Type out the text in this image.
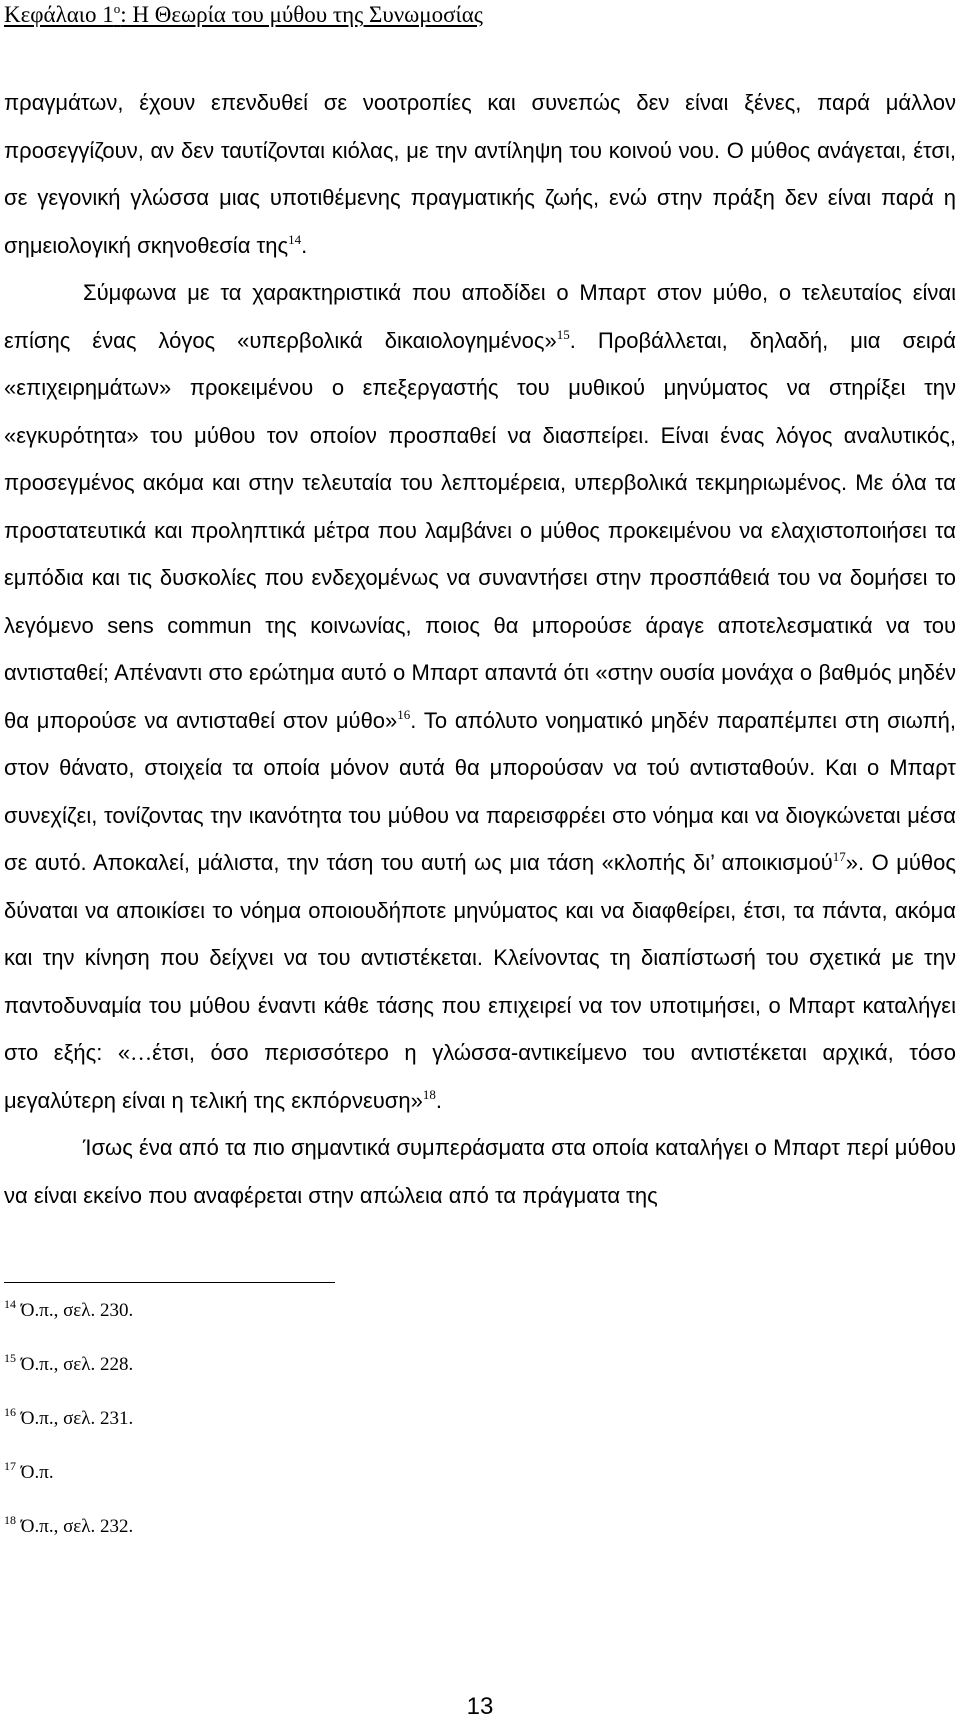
Κεφάλαιο $1^o$: Η Θεωρία του μύθου της Συνωμοσίας

πραγμάτων, έχουν επενδυθεί σε νοοτροπίες και συνεπώς δεν είναι ξένες, παρά μάλλον προσεγγίζουν, αν δεν ταυτίζονται κιόλας, με την αντίληψη του κοινού νου. Ο μύθος ανάγεται, έτσι, σε γεγονική γλώσσα μιας υποτιθέμενης πραγματικής ζωής, ενώ στην πράξη δεν είναι παρά η σημειολογική σκηνοθεσία της$^{14}$.

Σύμφωνα με τα χαρακτηριστικά που αποδίδει ο Μπαρτ στον μύθο, ο τελευταίος είναι επίσης ένας λόγος «υπερβολικά δικαιολογημένος»$^{15}$. Προβάλλεται, δηλαδή, μια σειρά «επιχειρημάτων» προκειμένου ο επεξεργαστής του μυθικού μηνύματος να στηρίξει την «εγκυρότητα» του μύθου τον οποίον προσπαθεί να διασπείρει. Είναι ένας λόγος αναλυτικός, προσεγμένος ακόμα και στην τελευταία του λεπτομέρεια, υπερβολικά τεκμηριωμένος. Με όλα τα προστατευτικά και προληπτικά μέτρα που λαμβάνει ο μύθος προκειμένου να ελαχιστοποιήσει τα εμπόδια και τις δυσκολίες που ενδεχομένως να συναντήσει στην προσπάθειά του να δομήσει το λεγόμενο sens commun της κοινωνίας, ποιος θα μπορούσε άραγε αποτελεσματικά να του αντισταθεί; Απέναντι στο ερώτημα αυτό ο Μπαρτ απαντά ότι «στην ουσία μονάχα ο βαθμός μηδέν θα μπορούσε να αντισταθεί στον μύθο»$^{16}$. Το απόλυτο νοηματικό μηδέν παραπέμπει στη σιωπή, στον θάνατο, στοιχεία τα οποία μόνον αυτά θα μπορούσαν να τού αντισταθούν. Και ο Μπαρτ συνεχίζει, τονίζοντας την ικανότητα του μύθου να παρεισφρέει στο νόημα και να διογκώνεται μέσα σε αυτό. Αποκαλεί, μάλιστα, την τάση του αυτή ως μια τάση «κλοπής δι’ αποικισμού$^{17}$». Ο μύθος δύναται να αποικίσει το νόημα οποιουδήποτε μηνύματος και να διαφθείρει, έτσι, τα πάντα, ακόμα και την κίνηση που δείχνει να του αντιστέκεται. Κλείνοντας τη διαπίστωσή του σχετικά με την παντοδυναμία του μύθου έναντι κάθε τάσης που επιχειρεί να τον υποτιμήσει, ο Μπαρτ καταλήγει στο εξής: «…έτσι, όσο περισσότερο η γλώσσα-αντικείμενο του αντιστέκεται αρχικά, τόσο μεγαλύτερη είναι η τελική της εκπόρνευση»$^{18}$.

Ίσως ένα από τα πιο σημαντικά συμπεράσματα στα οποία καταλήγει ο Μπαρτ περί μύθου να είναι εκείνο που αναφέρεται στην απώλεια από τα πράγματα της

$^{14}$ Ό.π., σελ. 230.
$^{15}$ Ό.π., σελ. 228.
$^{16}$ Ό.π., σελ. 231.
$^{17}$ Ό.π.
$^{18}$ Ό.π., σελ. 232.
13
